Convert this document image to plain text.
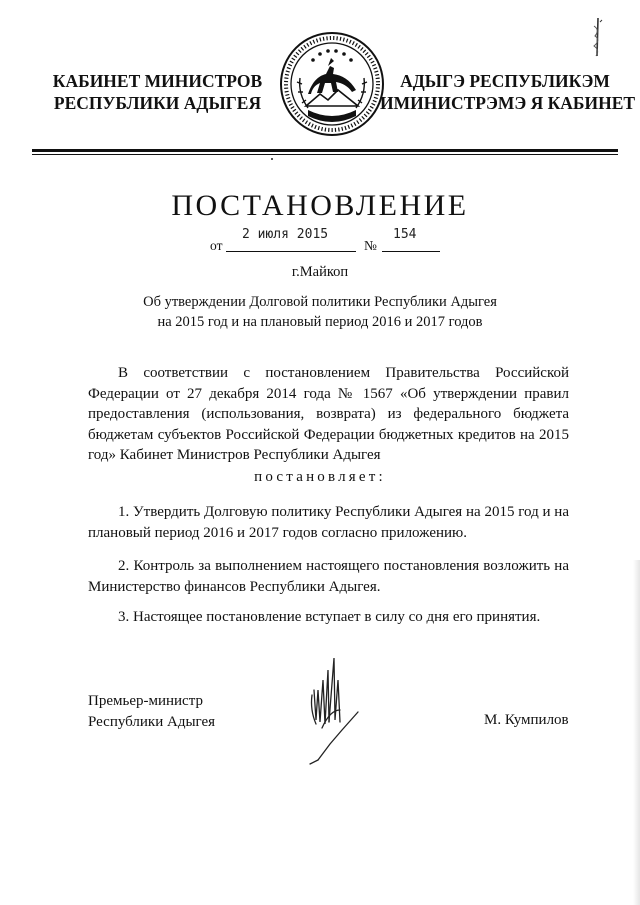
КАБИНЕТ МИНИСТРОВ
РЕСПУБЛИКИ АДЫГЕЯ
АДЫГЭ РЕСПУБЛИКЭМ
ИМИНИСТРЭМЭ Я КАБИНЕТ
ПОСТАНОВЛЕНИЕ
от
2 июля 2015
№
154
г.Майкоп
Об утверждении Долговой политики Республики Адыгея
на 2015 год и на плановый период 2016 и 2017 годов
В соответствии с постановлением Правительства Российской Федерации от 27 декабря 2014 года № 1567 «Об утверждении правил предоставления (использования, возврата) из федерального бюджета бюджетам субъектов Российской Федерации бюджетных кредитов на 2015 год» Кабинет Министров Республики Адыгея
постановляет:
1. Утвердить Долговую политику Республики Адыгея на 2015 год и на плановый период 2016 и 2017 годов согласно приложению.
2. Контроль за выполнением настоящего постановления возложить на Министерство финансов Республики Адыгея.
3. Настоящее постановление вступает в силу со дня его принятия.
Премьер-министр
Республики Адыгея	М. Кумпилов
